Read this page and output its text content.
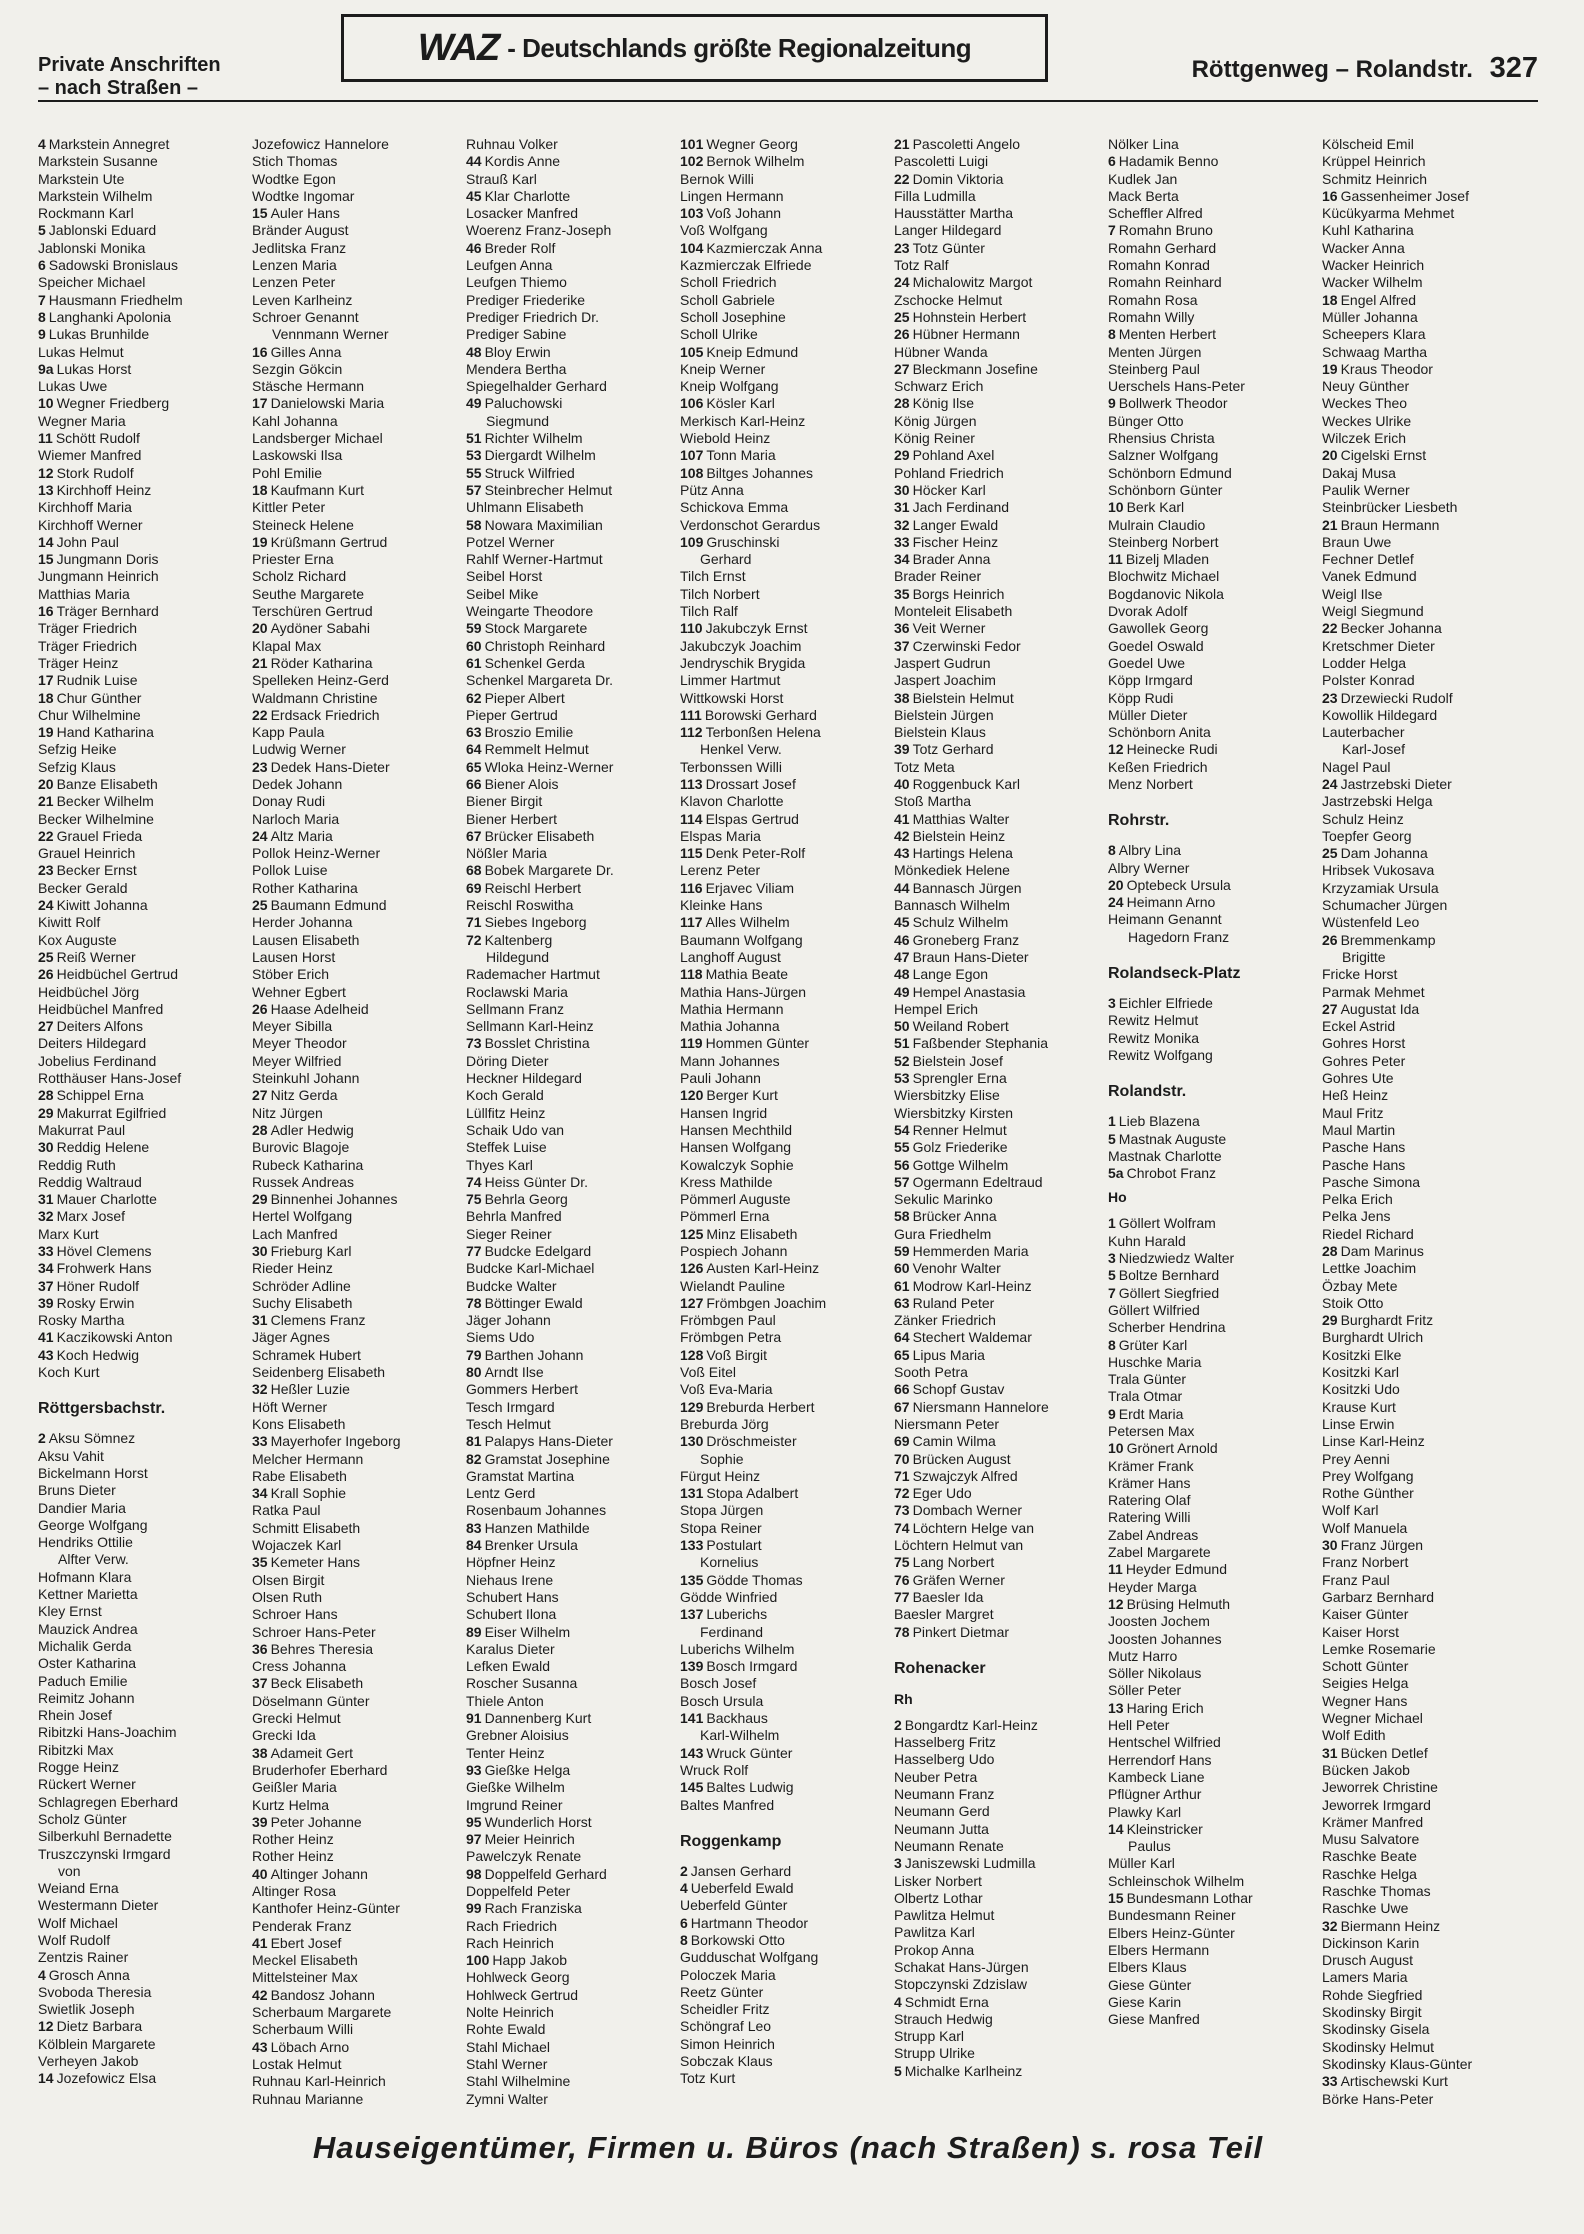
Private Anschriften
– nach Straßen –
WAZ - Deutschlands größte Regionalzeitung
Röttgenweg – Rolandstr. 327
4 Markstein Annegret
Markstein Susanne
Markstein Ute
Markstein Wilhelm
Rockmann Karl
5 Jablonski Eduard
Jablonski Monika
6 Sadowski Bronislaus
Speicher Michael
7 Hausmann Friedhelm
8 Langhanki Apolonia
9 Lukas Brunhilde
Lukas Helmut
9a Lukas Horst
Lukas Uwe
10 Wegner Friedberg
Wegner Maria
11 Schött Rudolf
Wiemer Manfred
12 Stork Rudolf
13 Kirchhoff Heinz
Kirchhoff Maria
Kirchhoff Werner
14 John Paul
15 Jungmann Doris
Jungmann Heinrich
Matthias Maria
16 Träger Bernhard
Träger Friedrich
Träger Friedrich
Träger Heinz
17 Rudnik Luise
18 Chur Günther
Chur Wilhelmine
19 Hand Katharina
Sefzig Heike
Sefzig Klaus
20 Banze Elisabeth
21 Becker Wilhelm
Becker Wilhelmine
22 Grauel Frieda
Grauel Heinrich
23 Becker Ernst
Becker Gerald
24 Kiwitt Johanna
Kiwitt Rolf
Kox Auguste
25 Reiß Werner
26 Heidbüchel Gertrud
Heidbüchel Jörg
Heidbüchel Manfred
27 Deiters Alfons
Deiters Hildegard
Jobelius Ferdinand
Rotthäuser Hans-Josef
28 Schippel Erna
29 Makurrat Egilfried
Makurrat Paul
30 Reddig Helene
Reddig Ruth
Reddig Waltraud
31 Mauer Charlotte
32 Marx Josef
Marx Kurt
33 Hövel Clemens
34 Frohwerk Hans
37 Höner Rudolf
39 Rosky Erwin
Rosky Martha
41 Kaczikowski Anton
43 Koch Hedwig
Koch Kurt
Röttgersbachstr.
2 Aksu Sömnez
Aksu Vahit
Bickelmann Horst
Bruns Dieter
Dandier Maria
George Wolfgang
Hendriks Ottilie
Alfter Verw.
Hofmann Klara
Kettner Marietta
Kley Ernst
Mauzick Andrea
Michalik Gerda
Oster Katharina
Paduch Emilie
Reimitz Johann
Rhein Josef
Ribitzki Hans-Joachim
Ribitzki Max
Rogge Heinz
Rückert Werner
Schlagregen Eberhard
Scholz Günter
Silberkuhl Bernadette
Truszczynski Irmgard
von
Weiand Erna
Westermann Dieter
Wolf Michael
Wolf Rudolf
Zentzis Rainer
4 Grosch Anna
Svoboda Theresia
Swietlik Joseph
12 Dietz Barbara
Kölblein Margarete
Verheyen Jakob
14 Jozefowicz Elsa
Jozefowicz Hannelore
Stich Thomas
Wodtke Egon
Wodtke Ingomar
15 Auler Hans
Bränder August
Jedlitska Franz
Lenzen Maria
Lenzen Peter
Leven Karlheinz
Schroer Genannt
Vennmann Werner
16 Gilles Anna
Sezgin Gökcin
Stäsche Hermann
17 Danielowski Maria
Kahl Johanna
Landsberger Michael
Laskowski Ilsa
Pohl Emilie
18 Kaufmann Kurt
Kittler Peter
Steineck Helene
19 Krüßmann Gertrud
Priester Erna
Scholz Richard
Seuthe Margarete
Terschüren Gertrud
20 Aydöner Sabahi
Klapal Max
21 Röder Katharina
Spelleken Heinz-Gerd
Waldmann Christine
22 Erdsack Friedrich
Kapp Paula
Ludwig Werner
23 Dedek Hans-Dieter
Dedek Johann
Donay Rudi
Narloch Maria
24 Altz Maria
Pollok Heinz-Werner
Pollok Luise
Rother Katharina
25 Baumann Edmund
Herder Johanna
Lausen Elisabeth
Lausen Horst
Stöber Erich
Wehner Egbert
26 Haase Adelheid
Meyer Sibilla
Meyer Theodor
Meyer Wilfried
Steinkuhl Johann
27 Nitz Gerda
Nitz Jürgen
28 Adler Hedwig
Burovic Blagoje
Rubeck Katharina
Russek Andreas
29 Binnenhei Johannes
Hertel Wolfgang
Lach Manfred
30 Frieburg Karl
Rieder Heinz
Schröder Adline
Suchy Elisabeth
31 Clemens Franz
Jäger Agnes
Schramek Hubert
Seidenberg Elisabeth
32 Heßler Luzie
Höft Werner
Kons Elisabeth
33 Mayerhofer Ingeborg
Melcher Hermann
Rabe Elisabeth
34 Krall Sophie
Ratka Paul
Schmitt Elisabeth
Wojaczek Karl
35 Kemeter Hans
Olsen Birgit
Olsen Ruth
Schroer Hans
Schroer Hans-Peter
36 Behres Theresia
Cress Johanna
37 Beck Elisabeth
Döselmann Günter
Grecki Helmut
Grecki Ida
38 Adameit Gert
Bruderhofer Eberhard
Geißler Maria
Kurtz Helma
39 Peter Johanne
Rother Heinz
Rother Heinz
40 Altinger Johann
Altinger Rosa
Kanthofer Heinz-Günter
Penderak Franz
41 Ebert Josef
Meckel Elisabeth
Mittelsteiner Max
42 Bandosz Johann
Scherbaum Margarete
Scherbaum Willi
43 Löbach Arno
Lostak Helmut
Ruhnau Karl-Heinrich
Ruhnau Marianne
Ruhnau Volker
44 Kordis Anne
Strauß Karl
45 Klar Charlotte
Losacker Manfred
Woerenz Franz-Joseph
46 Breder Rolf
Leufgen Anna
Leufgen Thiemo
Prediger Friederike
Prediger Friedrich Dr.
Prediger Sabine
48 Bloy Erwin
Mendera Bertha
Spiegelhalder Gerhard
49 Paluchowski
Siegmund
51 Richter Wilhelm
53 Diergardt Wilhelm
55 Struck Wilfried
57 Steinbrecher Helmut
Uhlmann Elisabeth
58 Nowara Maximilian
Potzel Werner
Rahlf Werner-Hartmut
Seibel Horst
Seibel Mike
Weingarte Theodore
59 Stock Margarete
60 Christoph Reinhard
61 Schenkel Gerda
Schenkel Margareta Dr.
62 Pieper Albert
Pieper Gertrud
63 Broszio Emilie
64 Remmelt Helmut
65 Wloka Heinz-Werner
66 Biener Alois
Biener Birgit
Biener Herbert
67 Brücker Elisabeth
Nößler Maria
68 Bobek Margarete Dr.
69 Reischl Herbert
Reischl Roswitha
71 Siebes Ingeborg
72 Kaltenberg
Hildegund
Rademacher Hartmut
Roclawski Maria
Sellmann Franz
Sellmann Karl-Heinz
73 Bosslet Christina
Döring Dieter
Heckner Hildegard
Koch Gerald
Lüllfitz Heinz
Schaik Udo van
Steffek Luise
Thyes Karl
74 Heiss Günter Dr.
75 Behrla Georg
Behrla Manfred
Sieger Reiner
77 Budcke Edelgard
Budcke Karl-Michael
Budcke Walter
78 Böttinger Ewald
Jäger Johann
Siems Udo
79 Barthen Johann
80 Arndt Ilse
Gommers Herbert
Tesch Irmgard
Tesch Helmut
81 Palapys Hans-Dieter
82 Gramstat Josephine
Gramstat Martina
Lentz Gerd
Rosenbaum Johannes
83 Hanzen Mathilde
84 Brenker Ursula
Höpfner Heinz
Niehaus Irene
Schubert Hans
Schubert Ilona
89 Eiser Wilhelm
Karalus Dieter
Lefken Ewald
Roscher Susanna
Thiele Anton
91 Dannenberg Kurt
Grebner Aloisius
Tenter Heinz
93 Gießke Helga
Gießke Wilhelm
Imgrund Reiner
95 Wunderlich Horst
97 Meier Heinrich
Pawelczyk Renate
98 Doppelfeld Gerhard
Doppelfeld Peter
99 Rach Franziska
Rach Friedrich
Rach Heinrich
100 Happ Jakob
Hohlweck Georg
Hohlweck Gertrud
Nolte Heinrich
Rohte Ewald
Stahl Michael
Stahl Werner
Stahl Wilhelmine
Zymni Walter
101 Wegner Georg
102 Bernok Wilhelm
Bernok Willi
Lingen Hermann
103 Voß Johann
Voß Wolfgang
104 Kazmierczak Anna
Kazmierczak Elfriede
Scholl Friedrich
Scholl Gabriele
Scholl Josephine
Scholl Ulrike
105 Kneip Edmund
Kneip Werner
Kneip Wolfgang
106 Kösler Karl
Merkisch Karl-Heinz
Wiebold Heinz
107 Tonn Maria
108 Biltges Johannes
Pütz Anna
Schickova Emma
Verdonschot Gerardus
109 Gruschinski
Gerhard
Tilch Ernst
Tilch Norbert
Tilch Ralf
110 Jakubczyk Ernst
Jakubczyk Joachim
Jendryschik Brygida
Limmer Hartmut
Wittkowski Horst
111 Borowski Gerhard
112 Terbonßen Helena
Henkel Verw.
Terbonssen Willi
113 Drossart Josef
Klavon Charlotte
114 Elspas Gertrud
Elspas Maria
115 Denk Peter-Rolf
Lerenz Peter
116 Erjavec Viliam
Kleinke Hans
117 Alles Wilhelm
Baumann Wolfgang
Langhoff August
118 Mathia Beate
Mathia Hans-Jürgen
Mathia Hermann
Mathia Johanna
119 Hommen Günter
Mann Johannes
Pauli Johann
120 Berger Kurt
Hansen Ingrid
Hansen Mechthild
Hansen Wolfgang
Kowalczyk Sophie
Kress Mathilde
Pömmerl Auguste
Pömmerl Erna
125 Minz Elisabeth
Pospiech Johann
126 Austen Karl-Heinz
Wielandt Pauline
127 Frömbgen Joachim
Frömbgen Paul
Frömbgen Petra
128 Voß Birgit
Voß Eitel
Voß Eva-Maria
129 Breburda Herbert
Breburda Jörg
130 Dröschmeister
Sophie
Fürgut Heinz
131 Stopa Adalbert
Stopa Jürgen
Stopa Reiner
133 Postulart
Kornelius
135 Gödde Thomas
Gödde Winfried
137 Luberichs
Ferdinand
Luberichs Wilhelm
139 Bosch Irmgard
Bosch Josef
Bosch Ursula
141 Backhaus
Karl-Wilhelm
143 Wruck Günter
Wruck Rolf
145 Baltes Ludwig
Baltes Manfred
Roggenkamp
2 Jansen Gerhard
4 Ueberfeld Ewald
Ueberfeld Günter
6 Hartmann Theodor
8 Borkowski Otto
Gudduschat Wolfgang
Poloczek Maria
Reetz Günter
Scheidler Fritz
Schöngraf Leo
Simon Heinrich
Sobczak Klaus
Totz Kurt
21 Pascoletti Angelo
Pascoletti Luigi
22 Domin Viktoria
Filla Ludmilla
Hausstätter Martha
Langer Hildegard
23 Totz Günter
Totz Ralf
24 Michalowitz Margot
Zschocke Helmut
25 Hohnstein Herbert
26 Hübner Hermann
Hübner Wanda
27 Bleckmann Josefine
Schwarz Erich
28 König Ilse
König Jürgen
König Reiner
29 Pohland Axel
Pohland Friedrich
30 Höcker Karl
31 Jach Ferdinand
32 Langer Ewald
33 Fischer Heinz
34 Brader Anna
Brader Reiner
35 Borgs Heinrich
Monteleit Elisabeth
36 Veit Werner
37 Czerwinski Fedor
Jaspert Gudrun
Jaspert Joachim
38 Bielstein Helmut
Bielstein Jürgen
Bielstein Klaus
39 Totz Gerhard
Totz Meta
40 Roggenbuck Karl
Stoß Martha
41 Matthias Walter
42 Bielstein Heinz
43 Hartings Helena
Mönkediek Helene
44 Bannasch Jürgen
Bannasch Wilhelm
45 Schulz Wilhelm
46 Groneberg Franz
47 Braun Hans-Dieter
48 Lange Egon
49 Hempel Anastasia
Hempel Erich
50 Weiland Robert
51 Faßbender Stephania
52 Bielstein Josef
53 Sprengler Erna
Wiersbitzky Elise
Wiersbitzky Kirsten
54 Renner Helmut
55 Golz Friederike
56 Gottge Wilhelm
57 Ogermann Edeltraud
Sekulic Marinko
58 Brücker Anna
Gura Friedhelm
59 Hemmerden Maria
60 Venohr Walter
61 Modrow Karl-Heinz
63 Ruland Peter
Zänker Friedrich
64 Stechert Waldemar
65 Lipus Maria
Sooth Petra
66 Schopf Gustav
67 Niersmann Hannelore
Niersmann Peter
69 Camin Wilma
70 Brücken August
71 Szwajczyk Alfred
72 Eger Udo
73 Dombach Werner
74 Löchtern Helge van
Löchtern Helmut van
75 Lang Norbert
76 Gräfen Werner
77 Baesler Ida
Baesler Margret
78 Pinkert Dietmar
Rohenacker
Rh
2 Bongardtz Karl-Heinz
Hasselberg Fritz
Hasselberg Udo
Neuber Petra
Neumann Franz
Neumann Gerd
Neumann Jutta
Neumann Renate
3 Janiszewski Ludmilla
Lisker Norbert
Olbertz Lothar
Pawlitza Helmut
Pawlitza Karl
Prokop Anna
Schakat Hans-Jürgen
Stopczynski Zdzislaw
4 Schmidt Erna
Strauch Hedwig
Strupp Karl
Strupp Ulrike
5 Michalke Karlheinz
Nölker Lina
6 Hadamik Benno
Kudlek Jan
Mack Berta
Scheffler Alfred
7 Romahn Bruno
Romahn Gerhard
Romahn Konrad
Romahn Reinhard
Romahn Rosa
Romahn Willy
8 Menten Herbert
Menten Jürgen
Steinberg Paul
Uerschels Hans-Peter
9 Bollwerk Theodor
Bünger Otto
Rhensius Christa
Salzner Wolfgang
Schönborn Edmund
Schönborn Günter
10 Berk Karl
Mulrain Claudio
Steinberg Norbert
11 Bizelj Mladen
Blochwitz Michael
Bogdanovic Nikola
Dvorak Adolf
Gawollek Georg
Goedel Oswald
Goedel Uwe
Köpp Irmgard
Köpp Rudi
Müller Dieter
Schönborn Anita
12 Heinecke Rudi
Keßen Friedrich
Menz Norbert
Rohrstr.
8 Albry Lina
Albry Werner
20 Optebeck Ursula
24 Heimann Arno
Heimann Genannt
Hagedorn Franz
Rolandseck-Platz
3 Eichler Elfriede
Rewitz Helmut
Rewitz Monika
Rewitz Wolfgang
Rolandstr.
1 Lieb Blazena
5 Mastnak Auguste
Mastnak Charlotte
5a Chrobot Franz
Ho
1 Göllert Wolfram
Kuhn Harald
3 Niedzwiedz Walter
5 Boltze Bernhard
7 Göllert Siegfried
Göllert Wilfried
Scherber Hendrina
8 Grüter Karl
Huschke Maria
Trala Günter
Trala Otmar
9 Erdt Maria
Petersen Max
10 Grönert Arnold
Krämer Frank
Krämer Hans
Ratering Olaf
Ratering Willi
Zabel Andreas
Zabel Margarete
11 Heyder Edmund
Heyder Marga
12 Brüsing Helmuth
Joosten Jochem
Joosten Johannes
Mutz Harro
Söller Nikolaus
Söller Peter
13 Haring Erich
Hell Peter
Hentschel Wilfried
Herrendorf Hans
Kambeck Liane
Pflügner Arthur
Plawky Karl
14 Kleinstricker
Paulus
Müller Karl
Schleinschok Wilhelm
15 Bundesmann Lothar
Bundesmann Reiner
Elbers Heinz-Günter
Elbers Hermann
Elbers Klaus
Giese Günter
Giese Karin
Giese Manfred
Kölscheid Emil
Krüppel Heinrich
Schmitz Heinrich
16 Gassenheimer Josef
Kücükyarma Mehmet
Kuhl Katharina
Wacker Anna
Wacker Heinrich
Wacker Wilhelm
18 Engel Alfred
Müller Johanna
Scheepers Klara
Schwaag Martha
19 Kraus Theodor
Neuy Günther
Weckes Theo
Weckes Ulrike
Wilczek Erich
20 Cigelski Ernst
Dakaj Musa
Paulik Werner
Steinbrücker Liesbeth
21 Braun Hermann
Braun Uwe
Fechner Detlef
Vanek Edmund
Weigl Ilse
Weigl Siegmund
22 Becker Johanna
Kretschmer Dieter
Lodder Helga
Polster Konrad
23 Drzewiecki Rudolf
Kowollik Hildegard
Lauterbacher
Karl-Josef
Nagel Paul
24 Jastrzebski Dieter
Jastrzebski Helga
Schulz Heinz
Toepfer Georg
25 Dam Johanna
Hribsek Vukosava
Krzyzamiak Ursula
Schumacher Jürgen
Wüstenfeld Leo
26 Bremmenkamp
Brigitte
Fricke Horst
Parmak Mehmet
27 Augustat Ida
Eckel Astrid
Gohres Horst
Gohres Peter
Gohres Ute
Heß Heinz
Maul Fritz
Maul Martin
Pasche Hans
Pasche Hans
Pasche Simona
Pelka Erich
Pelka Jens
Riedel Richard
28 Dam Marinus
Lettke Joachim
Özbay Mete
Stoik Otto
29 Burghardt Fritz
Burghardt Ulrich
Kositzki Elke
Kositzki Karl
Kositzki Udo
Krause Kurt
Linse Erwin
Linse Karl-Heinz
Prey Aenni
Prey Wolfgang
Rothe Günther
Wolf Karl
Wolf Manuela
30 Franz Jürgen
Franz Norbert
Franz Paul
Garbarz Bernhard
Kaiser Günter
Kaiser Horst
Lemke Rosemarie
Schott Günter
Seigies Helga
Wegner Hans
Wegner Michael
Wolf Edith
31 Bücken Detlef
Bücken Jakob
Jeworrek Christine
Jeworrek Irmgard
Krämer Manfred
Musu Salvatore
Raschke Beate
Raschke Helga
Raschke Thomas
Raschke Uwe
32 Biermann Heinz
Dickinson Karin
Drusch August
Lamers Maria
Rohde Siegfried
Skodinsky Birgit
Skodinsky Gisela
Skodinsky Helmut
Skodinsky Klaus-Günter
33 Artischewski Kurt
Börke Hans-Peter
Hauseigentümer, Firmen u. Büros (nach Straßen) s. rosa Teil
